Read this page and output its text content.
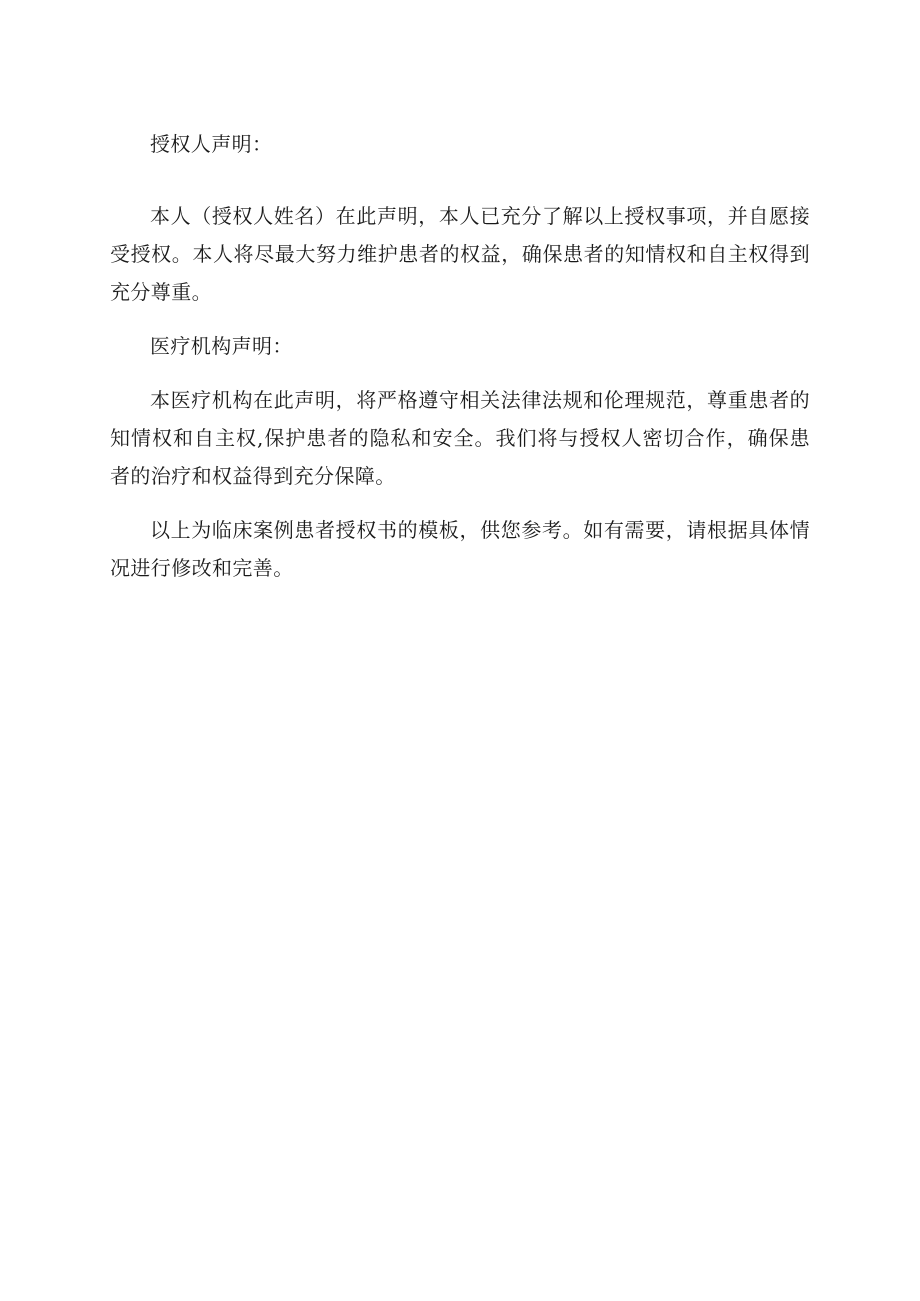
授权人声明：

本人（授权人姓名）在此声明，本人已充分了解以上授权事项，并自愿接受授权。本人将尽最大努力维护患者的权益，确保患者的知情权和自主权得到充分尊重。

医疗机构声明：

本医疗机构在此声明，将严格遵守相关法律法规和伦理规范，尊重患者的知情权和自主权,保护患者的隐私和安全。我们将与授权人密切合作，确保患者的治疗和权益得到充分保障。

以上为临床案例患者授权书的模板，供您参考。如有需要，请根据具体情况进行修改和完善。
